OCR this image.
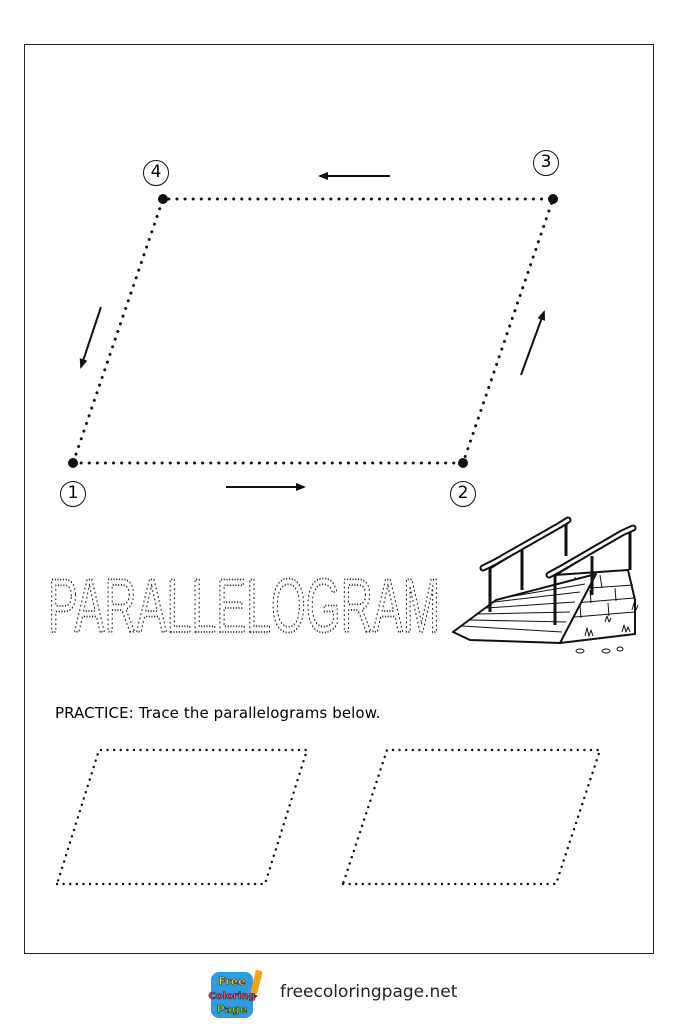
PARALLELOGRAM
1	2
3
4
PRACTICE: Trace the parallelograms below.
Free
Coloring
Page
freecoloringpage.net
